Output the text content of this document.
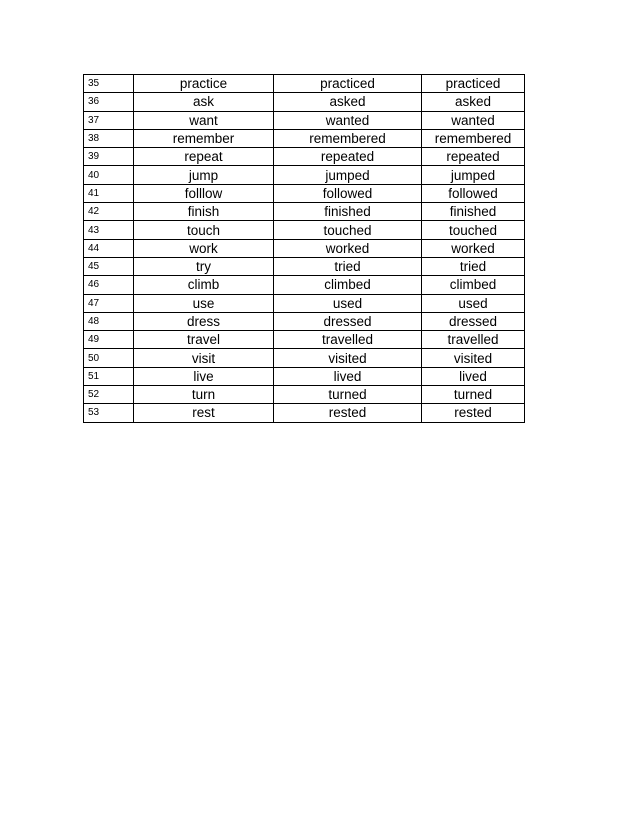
35	practice	practiced	practiced
36	ask	asked	asked
37	want	wanted	wanted
38	remember	remembered	remembered
39	repeat	repeated	repeated
40	jump	jumped	jumped
41	folllow	followed	followed
42	finish	finished	finished
43	touch	touched	touched
44	work	worked	worked
45	try	tried	tried
46	climb	climbed	climbed
47	use	used	used
48	dress	dressed	dressed
49	travel	travelled	travelled
50	visit	visited	visited
51	live	lived	lived
52	turn	turned	turned
53	rest	rested	rested
